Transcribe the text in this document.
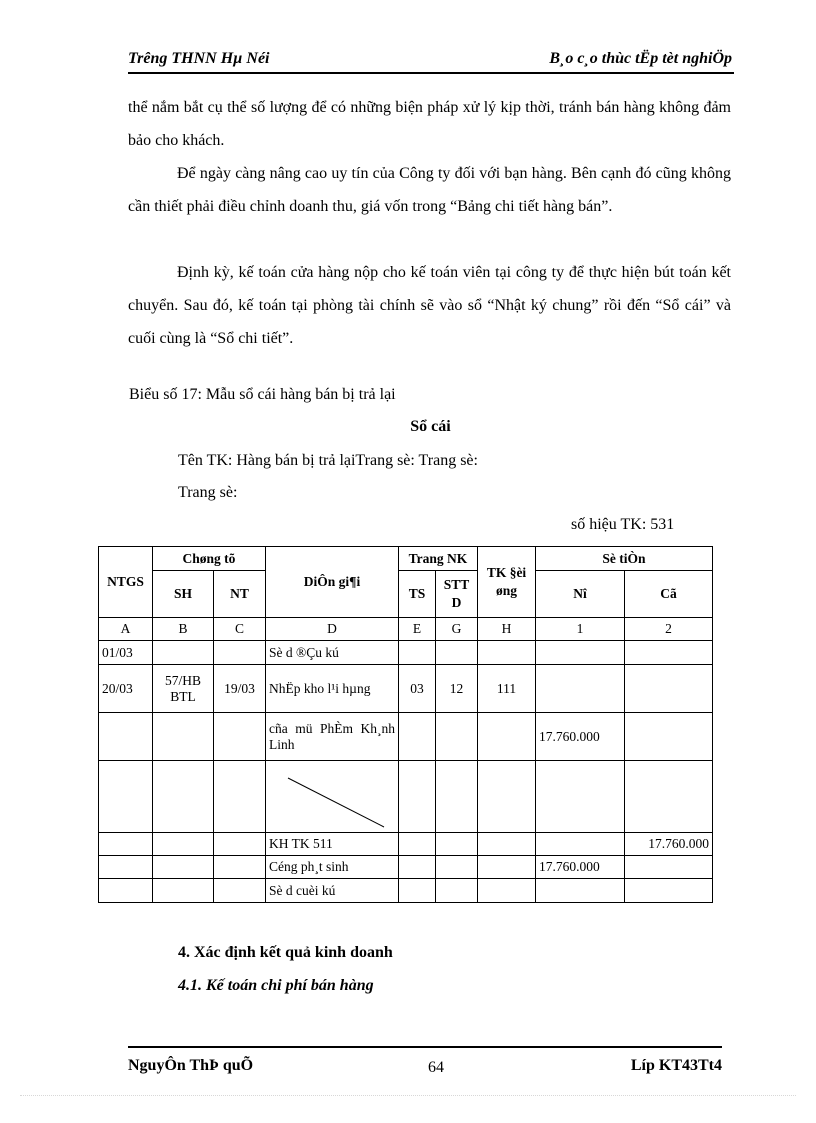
Trêng THNN Hµ Néi	B¸o c¸o thùc tËp tèt nghiÖp

thể nắm bắt cụ thể số lượng để có những biện pháp xử lý kịp thời, tránh bán hàng không đảm bảo cho khách.

Để ngày càng nâng cao uy tín của Công ty đối với bạn hàng. Bên cạnh đó cũng không cần thiết phải điều chỉnh doanh thu, giá vốn trong “Bảng chi tiết hàng bán”.

Định kỳ, kế toán cửa hàng nộp cho kế toán viên tại công ty để thực hiện bút toán kết chuyển. Sau đó, kế toán tại phòng tài chính sẽ vào sổ “Nhật ký chung” rồi đến “Sổ cái” và cuối cùng là “Sổ chi tiết”.

Biểu số 17: Mẫu sổ cái hàng bán bị trả lại
Sổ cái
Tên TK: Hàng bán bị trả lạiTrang sè: Trang sè:
Trang sè:
số hiệu TK: 531
NTGS	Chøng tõ		DiÔn gi¶i	Trang NK		TK §èi øng	Sè tiÒn	
	SH	NT		TS	STT D		Nî	Cã
A	B	C	D	E	G	H	1	2
01/03			Sè d ®Çu kú					
20/03	57/HB BTL	19/03	NhËp kho l¹i hµng	03	12	111		
			cña mü PhÈm Kh¸nh Linh				17.760.000	

			KH TK 511					17.760.000
			Céng ph¸t sinh				17.760.000	
			Sè d cuèi kú					
4. Xác định kết quả kinh doanh
4.1. Kế toán chi phí bán hàng
NguyÔn ThÞ quÕ	64	Líp KT43Tt4
